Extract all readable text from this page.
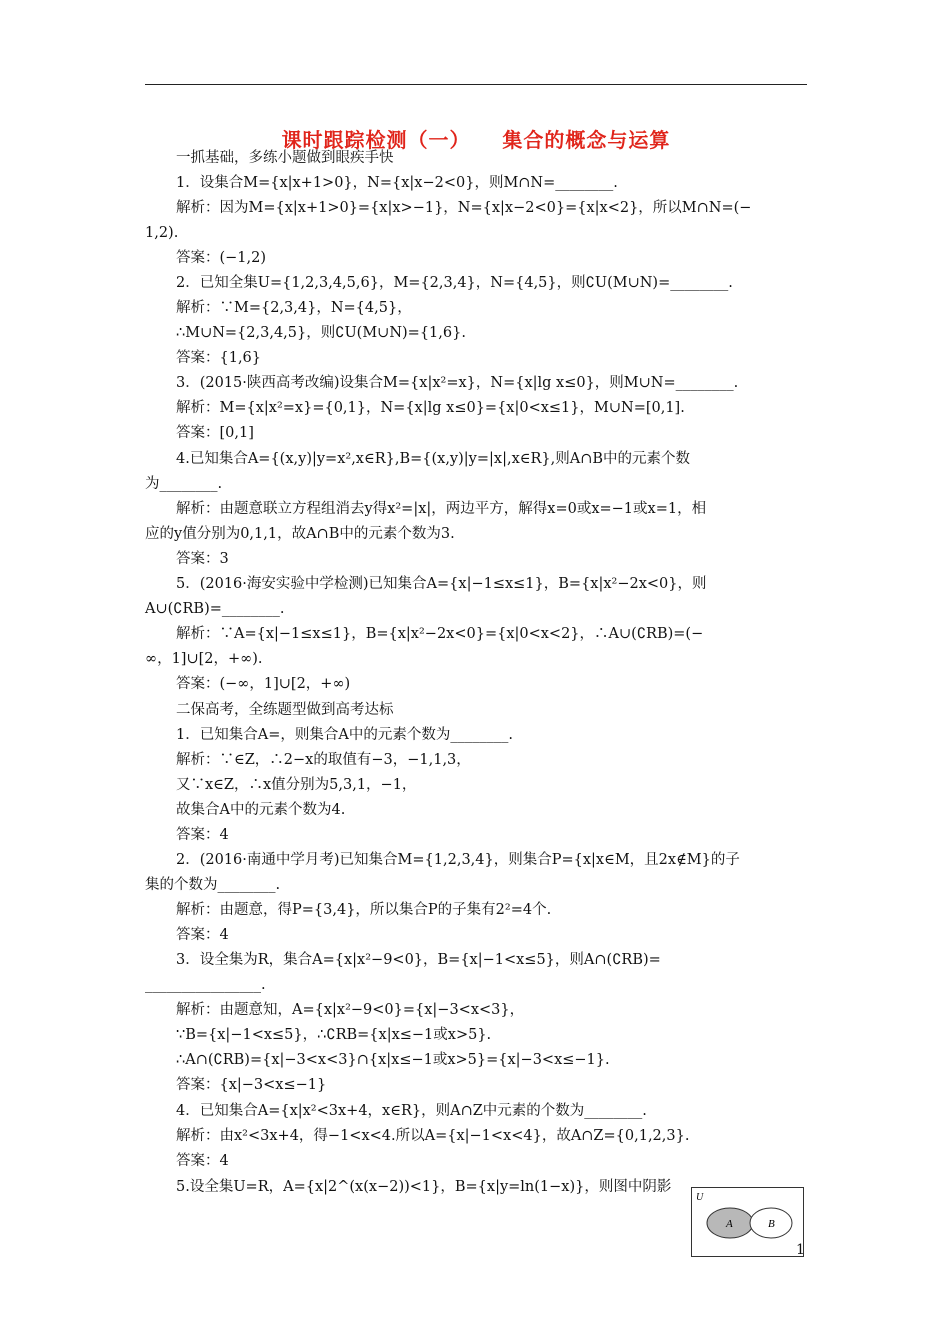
课时跟踪检测（一）    集合的概念与运算
一抓基础，多练小题做到眼疾手快
1．设集合M={x|x+1>0}，N={x|x−2<0}，则M∩N=________.
解析：因为M={x|x+1>0}={x|x>−1}，N={x|x−2<0}={x|x<2}，所以M∩N=(−
1,2).
答案：(−1,2)
2．已知全集U={1,2,3,4,5,6}，M={2,3,4}，N={4,5}，则∁U(M∪N)=________.
解析：∵M={2,3,4}，N={4,5}，
∴M∪N={2,3,4,5}，则∁U(M∪N)={1,6}.
答案：{1,6}
3．(2015·陕西高考改编)设集合M={x|x²=x}，N={x|lg x≤0}，则M∪N=________.
解析：M={x|x²=x}={0,1}，N={x|lg x≤0}={x|0<x≤1}，M∪N=[0,1].
答案：[0,1]
4.已知集合A={(x,y)|y=x²,x∈R},B={(x,y)|y=|x|,x∈R},则A∩B中的元素个数
为________.
解析：由题意联立方程组消去y得x²=|x|，两边平方，解得x=0或x=−1或x=1，相
应的y值分别为0,1,1，故A∩B中的元素个数为3.
答案：3
5．(2016·海安实验中学检测)已知集合A={x|−1≤x≤1}，B={x|x²−2x<0}，则
A∪(∁RB)=________.
解析：∵A={x|−1≤x≤1}，B={x|x²−2x<0}={x|0<x<2}，∴A∪(∁RB)=(−
∞，1]∪[2，+∞).
答案：(−∞，1]∪[2，+∞)
二保高考，全练题型做到高考达标
1．已知集合A=，则集合A中的元素个数为________.
解析：∵∈Z，∴2−x的取值有−3，−1,1,3，
又∵x∈Z，∴x值分别为5,3,1，−1，
故集合A中的元素个数为4.
答案：4
2．(2016·南通中学月考)已知集合M={1,2,3,4}，则集合P={x|x∈M，且2x∉M}的子
集的个数为________.
解析：由题意，得P={3,4}，所以集合P的子集有2²=4个.
答案：4
3．设全集为R，集合A={x|x²−9<0}，B={x|−1<x≤5}，则A∩(∁RB)=
________________.
解析：由题意知，A={x|x²−9<0}={x|−3<x<3}，
∵B={x|−1<x≤5}，∴∁RB={x|x≤−1或x>5}.
∴A∩(∁RB)={x|−3<x<3}∩{x|x≤−1或x>5}={x|−3<x≤−1}.
答案：{x|−3<x≤−1}
4．已知集合A={x|x²<3x+4，x∈R}，则A∩Z中元素的个数为________.
解析：由x²<3x+4，得−1<x<4.所以A={x|−1<x<4}，故A∩Z={0,1,2,3}.
答案：4
5.设全集U=R，A={x|2^(x(x−2))<1}，B={x|y=ln(1−x)}，则图中阴影
U
A	B
1
